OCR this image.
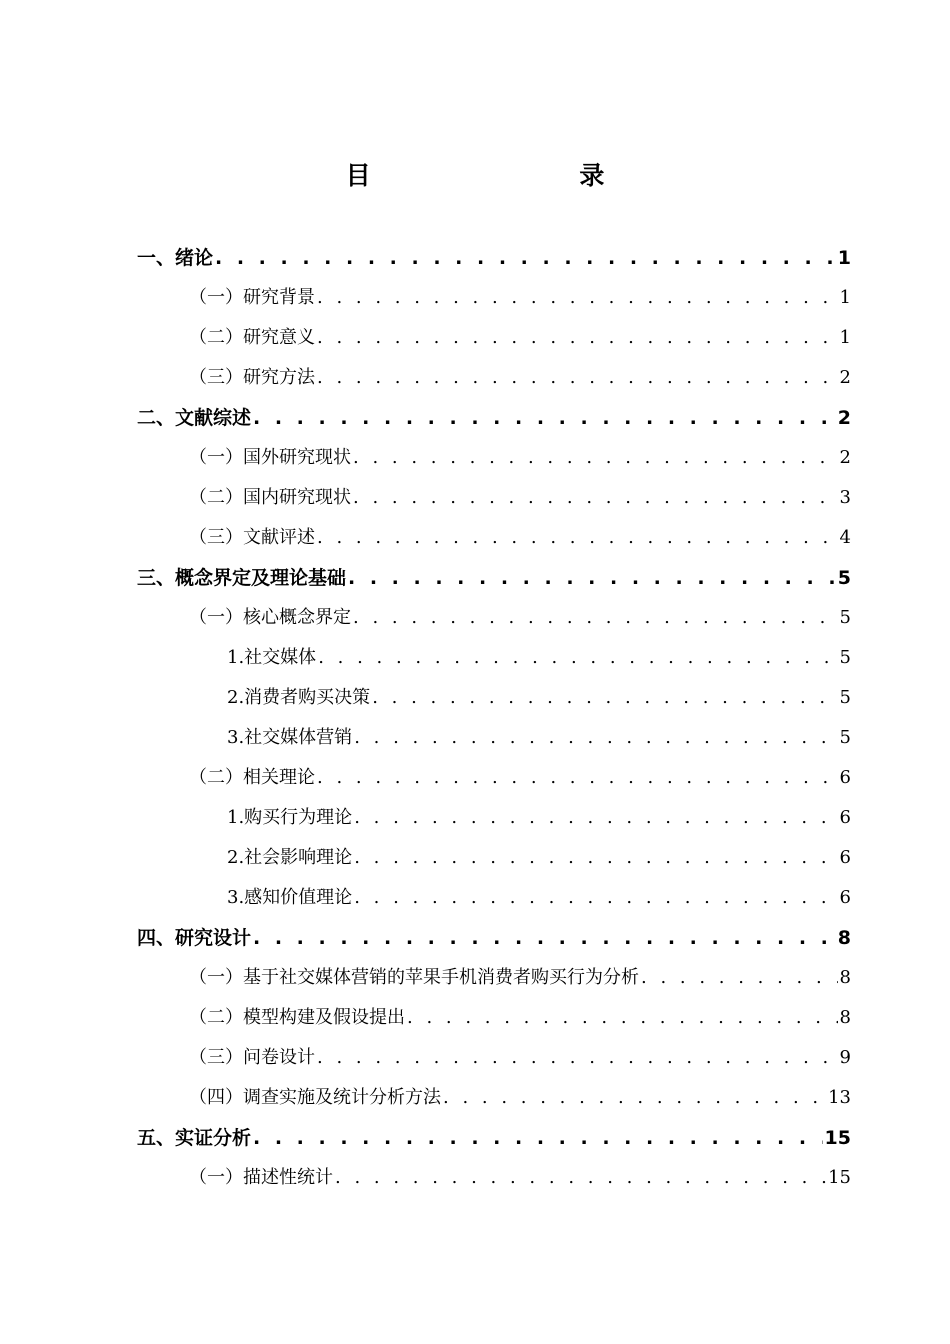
目 录
一、绪论 . . .	1
（一）研究背景 . . .	1
（二）研究意义 . . .	1
（三）研究方法 . . .	2
二、文献综述 . . .	2
（一）国外研究现状 . . .	2
（二）国内研究现状 . . .	3
（三）文献评述 . . .	4
三、概念界定及理论基础 . . .	5
（一）核心概念界定 . . .	5
1.社交媒体 . . .	5
2.消费者购买决策 . . .	5
3.社交媒体营销 . . .	5
（二）相关理论 . . .	6
1.购买行为理论 . . .	6
2.社会影响理论 . . .	6
3.感知价值理论 . . .	6
四、研究设计 . . .	8
（一）基于社交媒体营销的苹果手机消费者购买行为分析 . . .	8
（二）模型构建及假设提出 . . .	8
（三）问卷设计 . . .	9
（四）调查实施及统计分析方法 . . .	13
五、实证分析 . . .	15
（一）描述性统计 . . .	15
